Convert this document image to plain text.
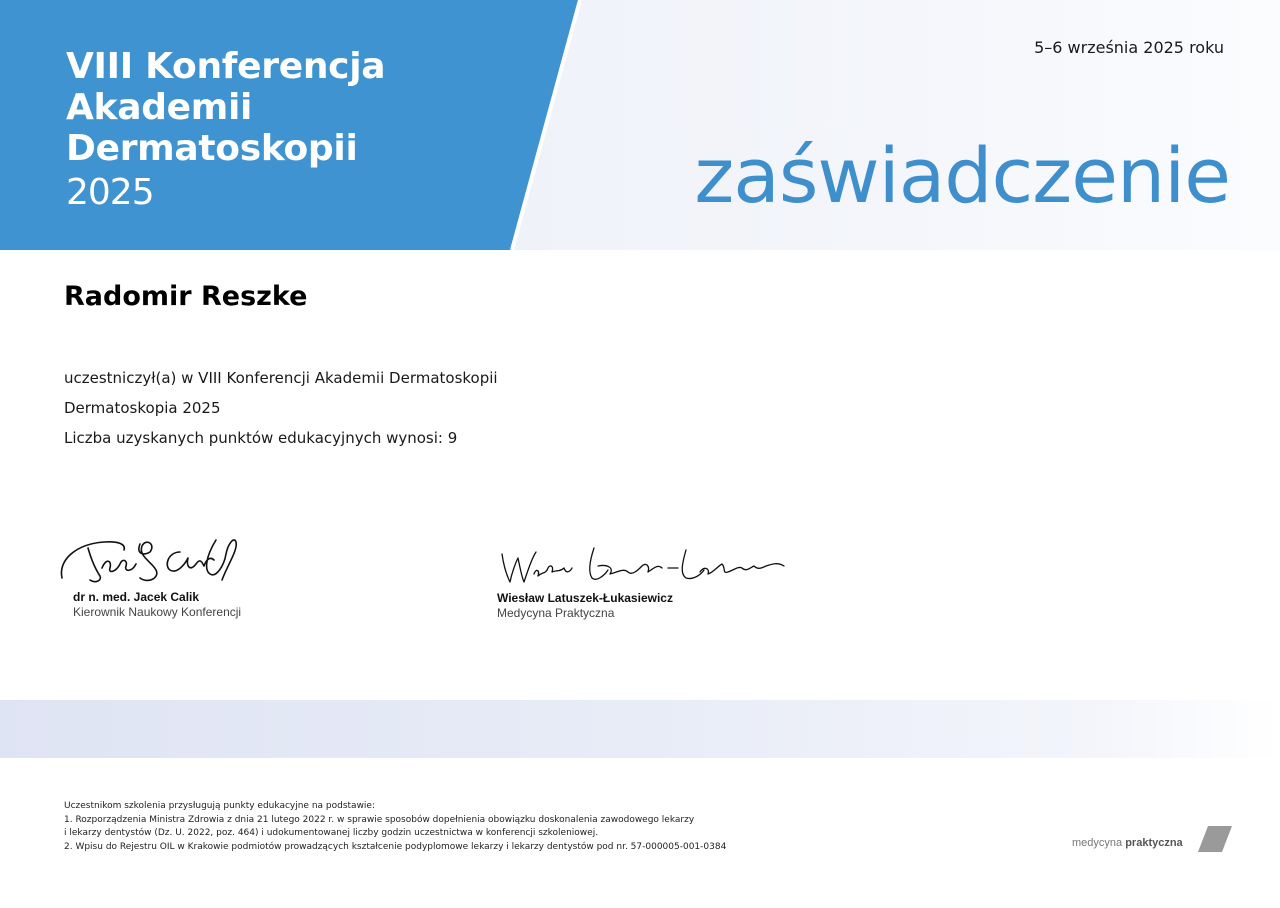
VIII Konferencja
Akademii
Dermatoskopii
2025
5–6 września 2025 roku
zaświadczenie
Radomir Reszke
uczestniczył(a) w VIII Konferencji Akademii Dermatoskopii
Dermatoskopia 2025
Liczba uzyskanych punktów edukacyjnych wynosi: 9
dr n. med. Jacek Calik
Kierownik Naukowy Konferencji
Wiesław Latuszek-Łukasiewicz
Medycyna Praktyczna
Uczestnikom szkolenia przysługują punkty edukacyjne na podstawie:
1. Rozporządzenia Ministra Zdrowia z dnia 21 lutego 2022 r. w sprawie sposobów dopełnienia obowiązku doskonalenia zawodowego lekarzy
i lekarzy dentystów (Dz. U. 2022, poz. 464) i udokumentowanej liczby godzin uczestnictwa w konferencji szkoleniowej.
2. Wpisu do Rejestru OIL w Krakowie podmiotów prowadzących kształcenie podyplomowe lekarzy i lekarzy dentystów pod nr. 57-000005-001-0384	medycyna praktyczna
